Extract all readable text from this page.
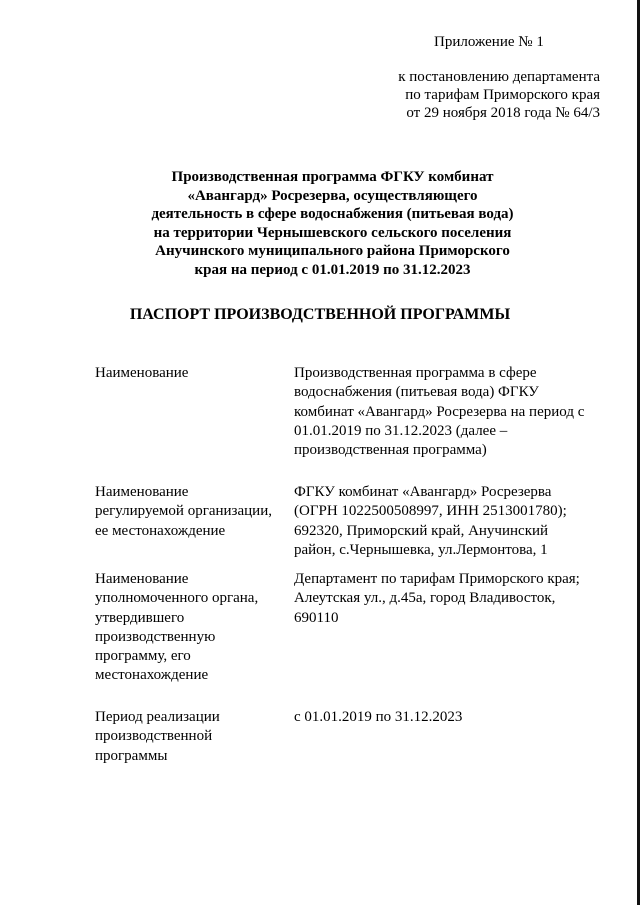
Приложение № 1
к постановлению департамента
по тарифам Приморского края
от 29 ноября 2018 года № 64/3
Производственная программа ФГКУ комбинат
«Авангард» Росрезерва, осуществляющего
деятельность в сфере водоснабжения (питьевая вода)
на территории Чернышевского сельского поселения
Анучинского муниципального района Приморского
края на период с 01.01.2019 по 31.12.2023
ПАСПОРТ ПРОИЗВОДСТВЕННОЙ ПРОГРАММЫ
Наименование	Производственная программа в сфере
водоснабжения (питьевая вода) ФГКУ
комбинат «Авангард» Росрезерва на период с
01.01.2019 по 31.12.2023 (далее –
производственная программа)
Наименование
регулируемой организации,
ее местонахождение
ФГКУ комбинат «Авангард» Росрезерва
(ОГРН 1022500508997, ИНН 2513001780);
692320, Приморский край, Анучинский
район, с.Чернышевка, ул.Лермонтова, 1
Наименование
уполномоченного органа,
утвердившего
производственную
программу, его
местонахождение
Департамент по тарифам Приморского края;
Алеутская ул., д.45а, город Владивосток,
690110
Период реализации
производственной
программы
с 01.01.2019 по 31.12.2023
